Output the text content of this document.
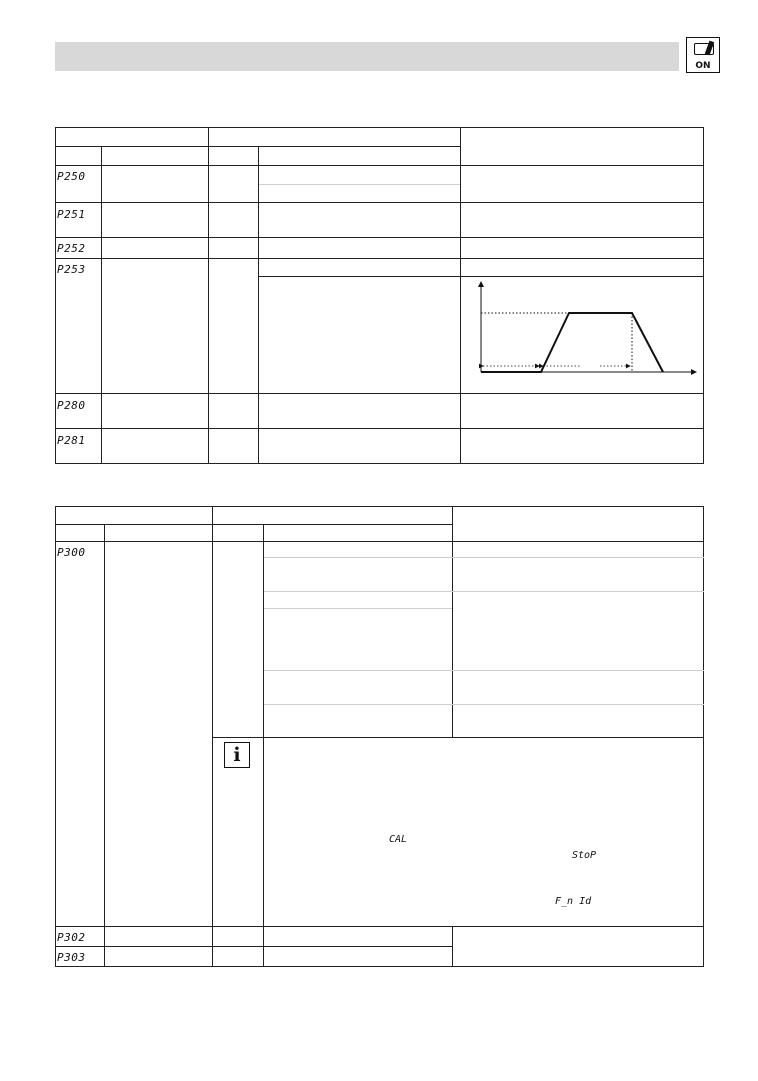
ON
P250
P251
P252
P253
P280
P281
P300
P302
P303
i
CAL
StoP
F_n Id
